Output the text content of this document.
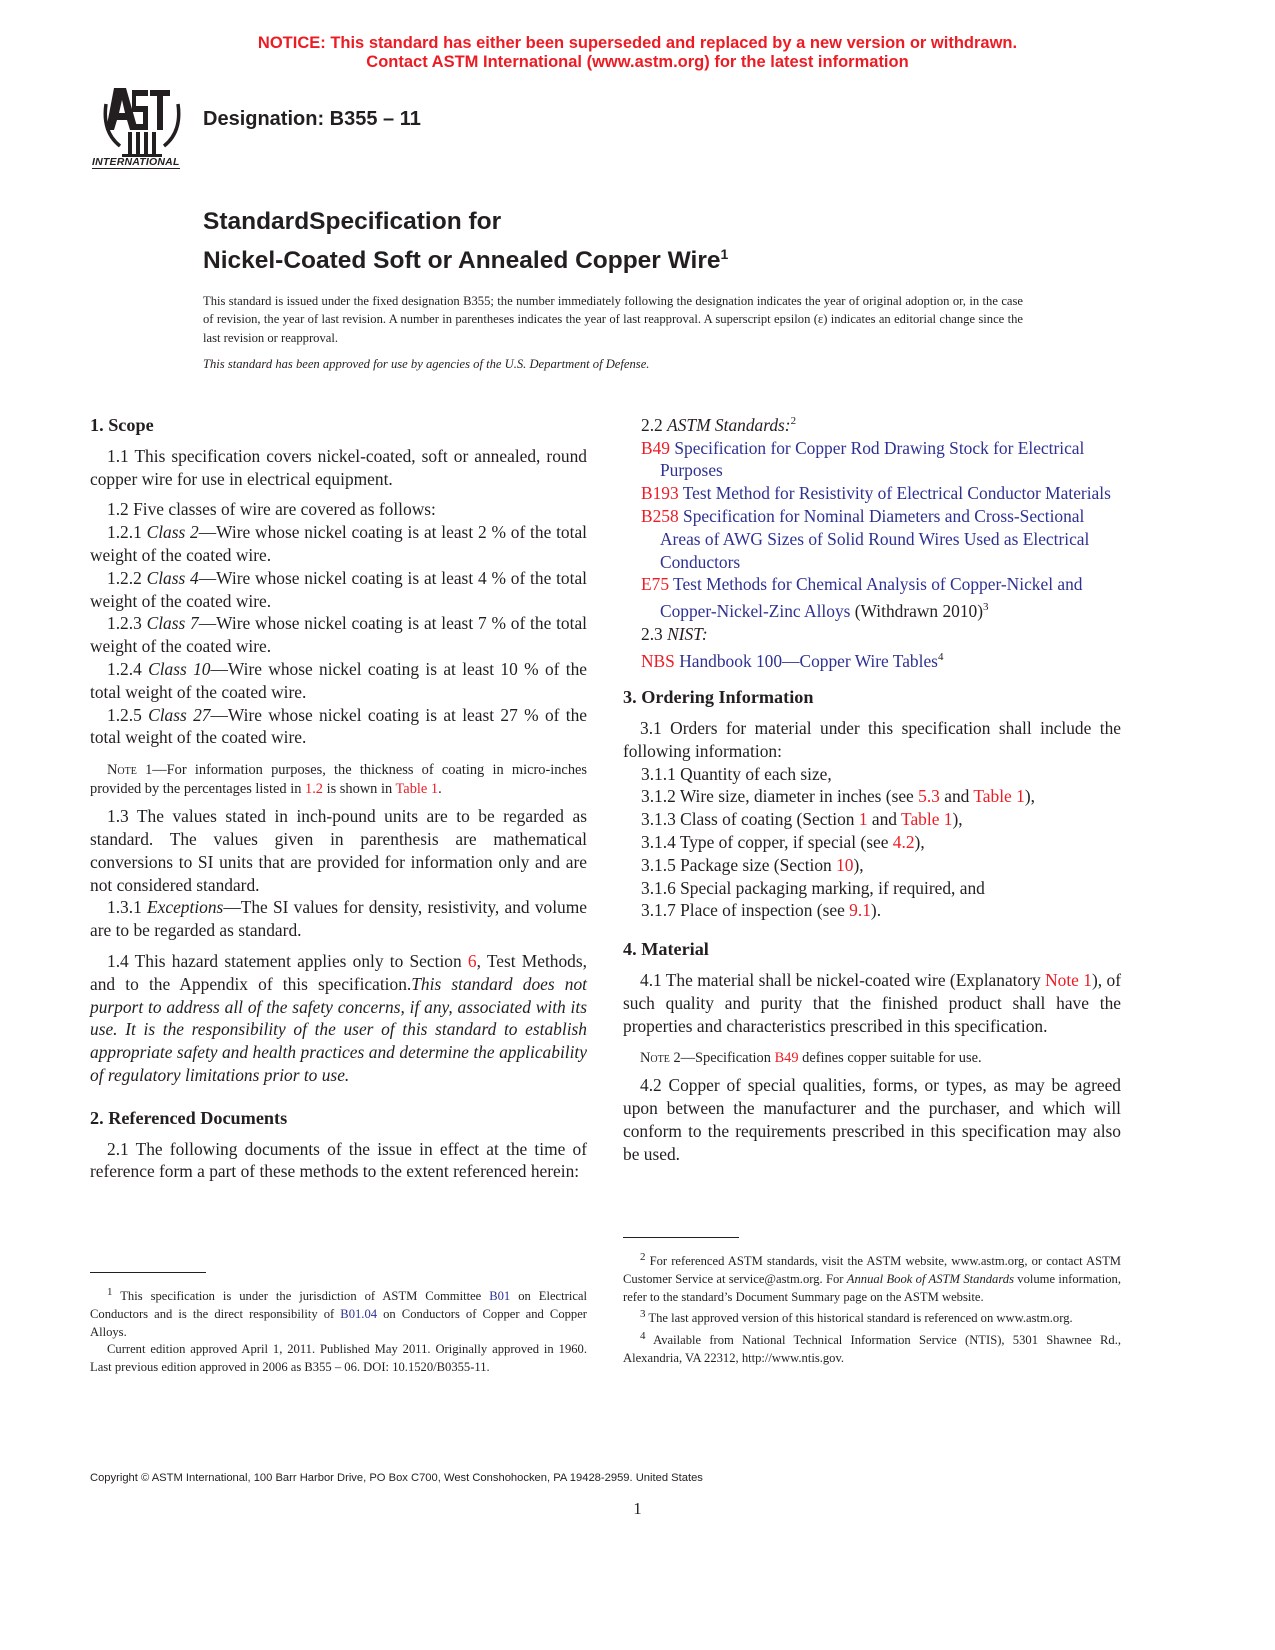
NOTICE: This standard has either been superseded and replaced by a new version or withdrawn.
Contact ASTM International (www.astm.org) for the latest information
INTERNATIONAL
Designation: B355 – 11
StandardSpecification for
Nickel-Coated Soft or Annealed Copper Wire$^1$
This standard is issued under the fixed designation B355; the number immediately following the designation indicates the year of original adoption or, in the case of revision, the year of last revision. A number in parentheses indicates the year of last reapproval. A superscript epsilon (ε) indicates an editorial change since the last revision or reapproval.
This standard has been approved for use by agencies of the U.S. Department of Defense.

1. Scope

1.1 This specification covers nickel-coated, soft or annealed, round copper wire for use in electrical equipment.

1.2 Five classes of wire are covered as follows:

1.2.1 Class 2—Wire whose nickel coating is at least 2 % of the total weight of the coated wire.

1.2.2 Class 4—Wire whose nickel coating is at least 4 % of the total weight of the coated wire.

1.2.3 Class 7—Wire whose nickel coating is at least 7 % of the total weight of the coated wire.

1.2.4 Class 10—Wire whose nickel coating is at least 10 % of the total weight of the coated wire.

1.2.5 Class 27—Wire whose nickel coating is at least 27 % of the total weight of the coated wire.

Note 1—For information purposes, the thickness of coating in micro-inches provided by the percentages listed in 1.2 is shown in Table 1.

1.3 The values stated in inch-pound units are to be regarded as standard. The values given in parenthesis are mathematical conversions to SI units that are provided for information only and are not considered standard.

1.3.1 Exceptions—The SI values for density, resistivity, and volume are to be regarded as standard.

1.4 This hazard statement applies only to Section 6, Test Methods, and to the Appendix of this specification.This standard does not purport to address all of the safety concerns, if any, associated with its use. It is the responsibility of the user of this standard to establish appropriate safety and health practices and determine the applicability of regulatory limitations prior to use.

2. Referenced Documents

2.1 The following documents of the issue in effect at the time of reference form a part of these methods to the extent referenced herein:

$^1$ This specification is under the jurisdiction of ASTM Committee B01 on Electrical Conductors and is the direct responsibility of B01.04 on Conductors of Copper and Copper Alloys.

Current edition approved April 1, 2011. Published May 2011. Originally approved in 1960. Last previous edition approved in 2006 as B355 – 06. DOI: 10.1520/B0355-11.

2.2 ASTM Standards:$^2$

B49 Specification for Copper Rod Drawing Stock for Electrical Purposes

B193 Test Method for Resistivity of Electrical Conductor Materials

B258 Specification for Nominal Diameters and Cross-Sectional Areas of AWG Sizes of Solid Round Wires Used as Electrical Conductors

E75 Test Methods for Chemical Analysis of Copper-Nickel and Copper-Nickel-Zinc Alloys (Withdrawn 2010)$^3$

2.3 NIST:

NBS Handbook 100—Copper Wire Tables$^4$

3. Ordering Information

3.1 Orders for material under this specification shall include the following information:

3.1.1 Quantity of each size,

3.1.2 Wire size, diameter in inches (see 5.3 and Table 1),

3.1.3 Class of coating (Section 1 and Table 1),

3.1.4 Type of copper, if special (see 4.2),

3.1.5 Package size (Section 10),

3.1.6 Special packaging marking, if required, and

3.1.7 Place of inspection (see 9.1).

4. Material

4.1 The material shall be nickel-coated wire (Explanatory Note 1), of such quality and purity that the finished product shall have the properties and characteristics prescribed in this specification.

Note 2—Specification B49 defines copper suitable for use.

4.2 Copper of special qualities, forms, or types, as may be agreed upon between the manufacturer and the purchaser, and which will conform to the requirements prescribed in this specification may also be used.

$^2$ For referenced ASTM standards, visit the ASTM website, www.astm.org, or contact ASTM Customer Service at service@astm.org. For Annual Book of ASTM Standards volume information, refer to the standard’s Document Summary page on the ASTM website.

$^3$ The last approved version of this historical standard is referenced on www.astm.org.

$^4$ Available from National Technical Information Service (NTIS), 5301 Shawnee Rd., Alexandria, VA 22312, http://www.ntis.gov.

Copyright © ASTM International, 100 Barr Harbor Drive, PO Box C700, West Conshohocken, PA 19428-2959. United States
1
